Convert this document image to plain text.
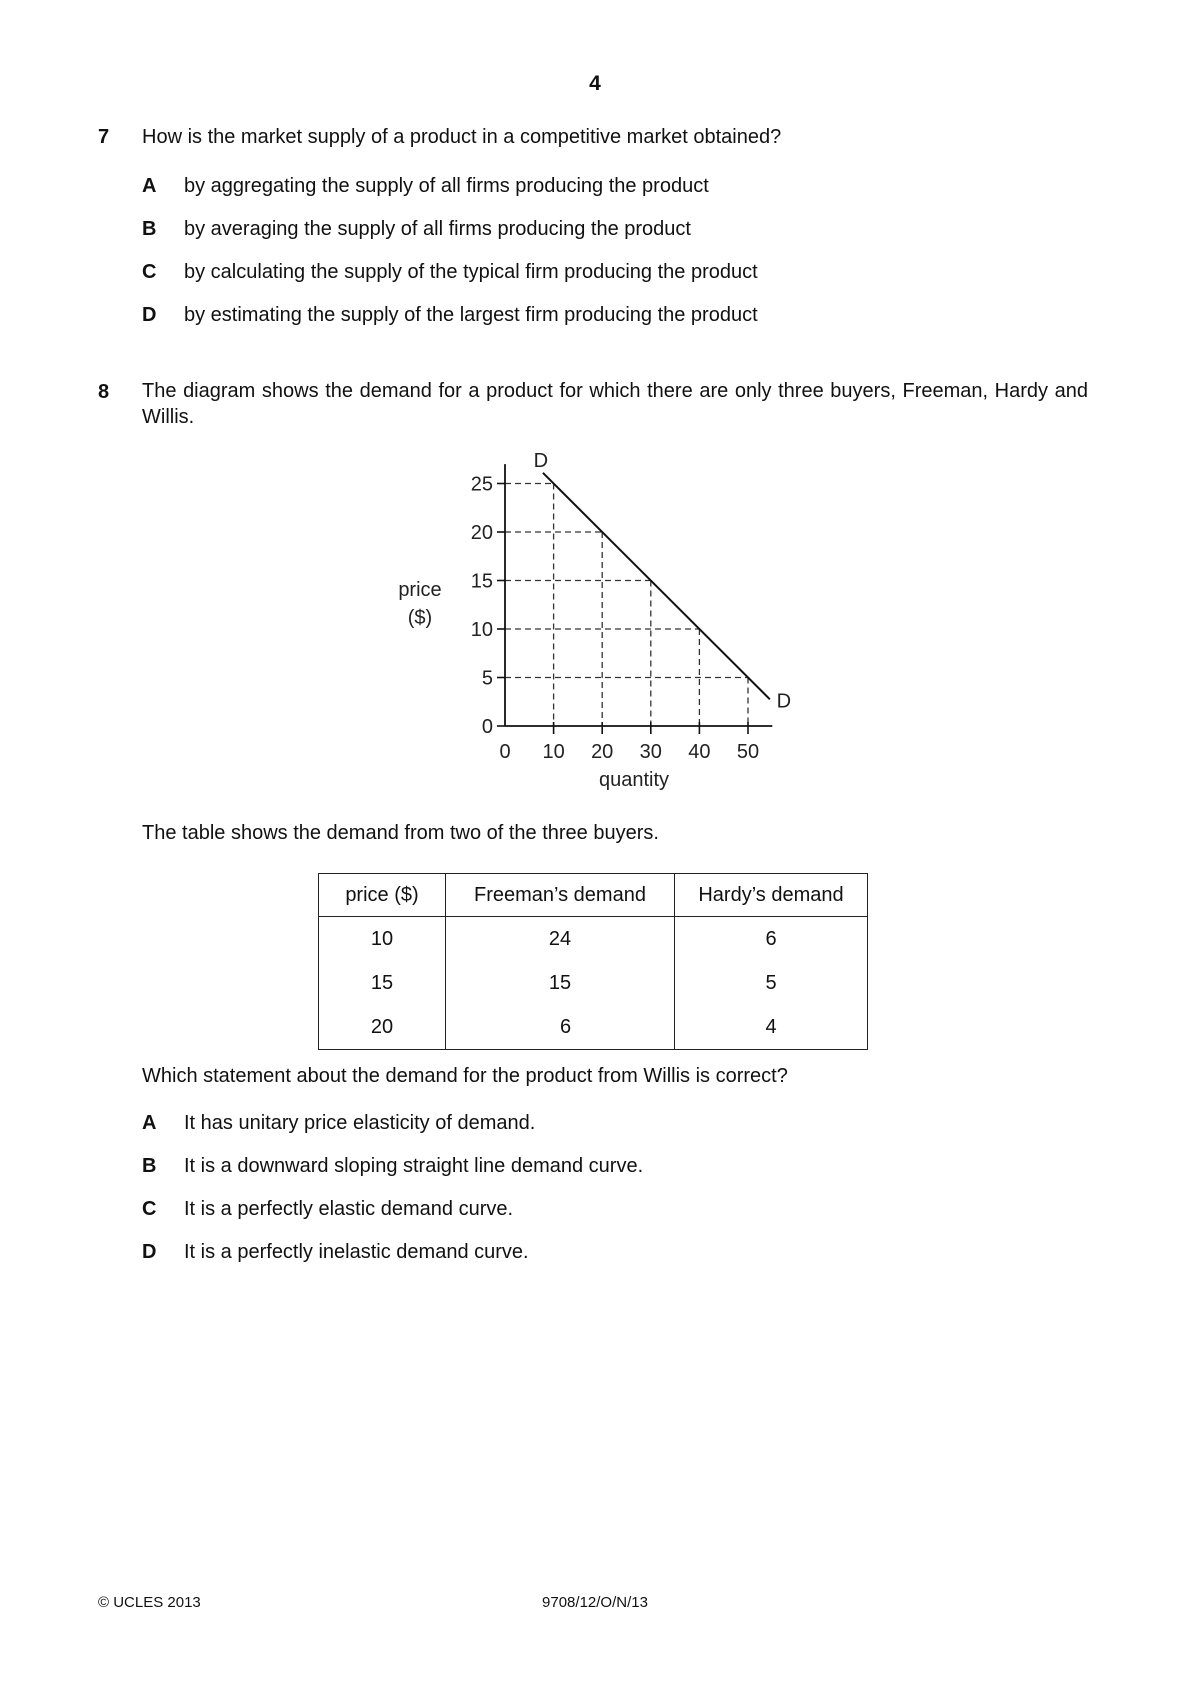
4
7 How is the market supply of a product in a competitive market obtained?
A by aggregating the supply of all firms producing the product
B by averaging the supply of all firms producing the product
C by calculating the supply of the typical firm producing the product
D by estimating the supply of the largest firm producing the product
8 The diagram shows the demand for a product for which there are only three buyers, Freeman, Hardy and Willis.
0
5
10
15
20
25
0 10 20 30 40 50
D
D
price
($)
quantity
The table shows the demand from two of the three buyers.
price ($)	Freeman’s demand	Hardy’s demand
10	24	6
15	15	5
20	6	4
Which statement about the demand for the product from Willis is correct?
A It has unitary price elasticity of demand.
B It is a downward sloping straight line demand curve.
C It is a perfectly elastic demand curve.
D It is a perfectly inelastic demand curve.
© UCLES 2013	9708/12/O/N/13
